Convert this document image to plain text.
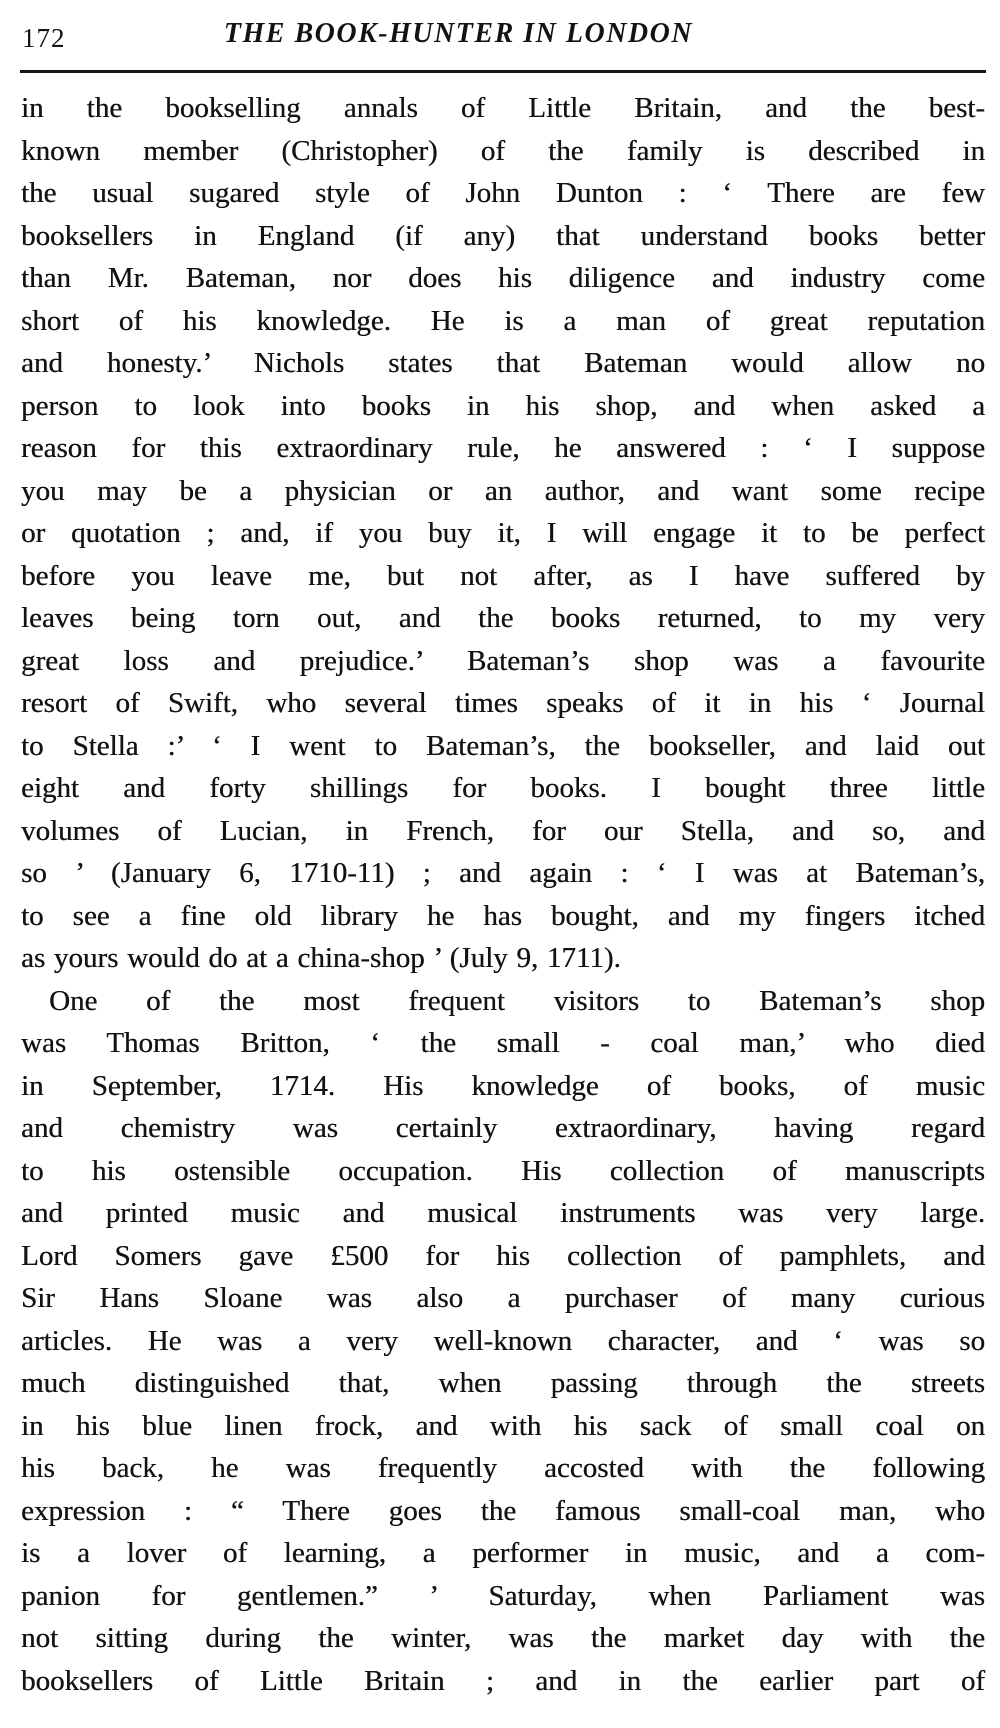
172	THE BOOK-HUNTER IN LONDON
in the bookselling annals of Little Britain, and the best-
known member (Christopher) of the family is described in
the usual sugared style of John Dunton : ‘ There are few
booksellers in England (if any) that understand books better
than Mr. Bateman, nor does his diligence and industry come
short of his knowledge. He is a man of great reputation
and honesty.’ Nichols states that Bateman would allow no
person to look into books in his shop, and when asked a
reason for this extraordinary rule, he answered : ‘ I suppose
you may be a physician or an author, and want some recipe
or quotation ; and, if you buy it, I will engage it to be perfect
before you leave me, but not after, as I have suffered by
leaves being torn out, and the books returned, to my very
great loss and prejudice.’ Bateman’s shop was a favourite
resort of Swift, who several times speaks of it in his ‘ Journal
to Stella :’ ‘ I went to Bateman’s, the bookseller, and laid out
eight and forty shillings for books. I bought three little
volumes of Lucian, in French, for our Stella, and so, and
so ’ (January 6, 1710-11) ; and again : ‘ I was at Bateman’s,
to see a fine old library he has bought, and my fingers itched
as yours would do at a china-shop ’ (July 9, 1711).
One of the most frequent visitors to Bateman’s shop
was Thomas Britton, ‘ the small - coal man,’ who died
in September, 1714. His knowledge of books, of music
and chemistry was certainly extraordinary, having regard
to his ostensible occupation. His collection of manuscripts
and printed music and musical instruments was very large.
Lord Somers gave £500 for his collection of pamphlets, and
Sir Hans Sloane was also a purchaser of many curious
articles. He was a very well-known character, and ‘ was so
much distinguished that, when passing through the streets
in his blue linen frock, and with his sack of small coal on
his back, he was frequently accosted with the following
expression : “ There goes the famous small-coal man, who
is a lover of learning, a performer in music, and a com-
panion for gentlemen.” ’ Saturday, when Parliament was
not sitting during the winter, was the market day with the
booksellers of Little Britain ; and in the earlier part of
